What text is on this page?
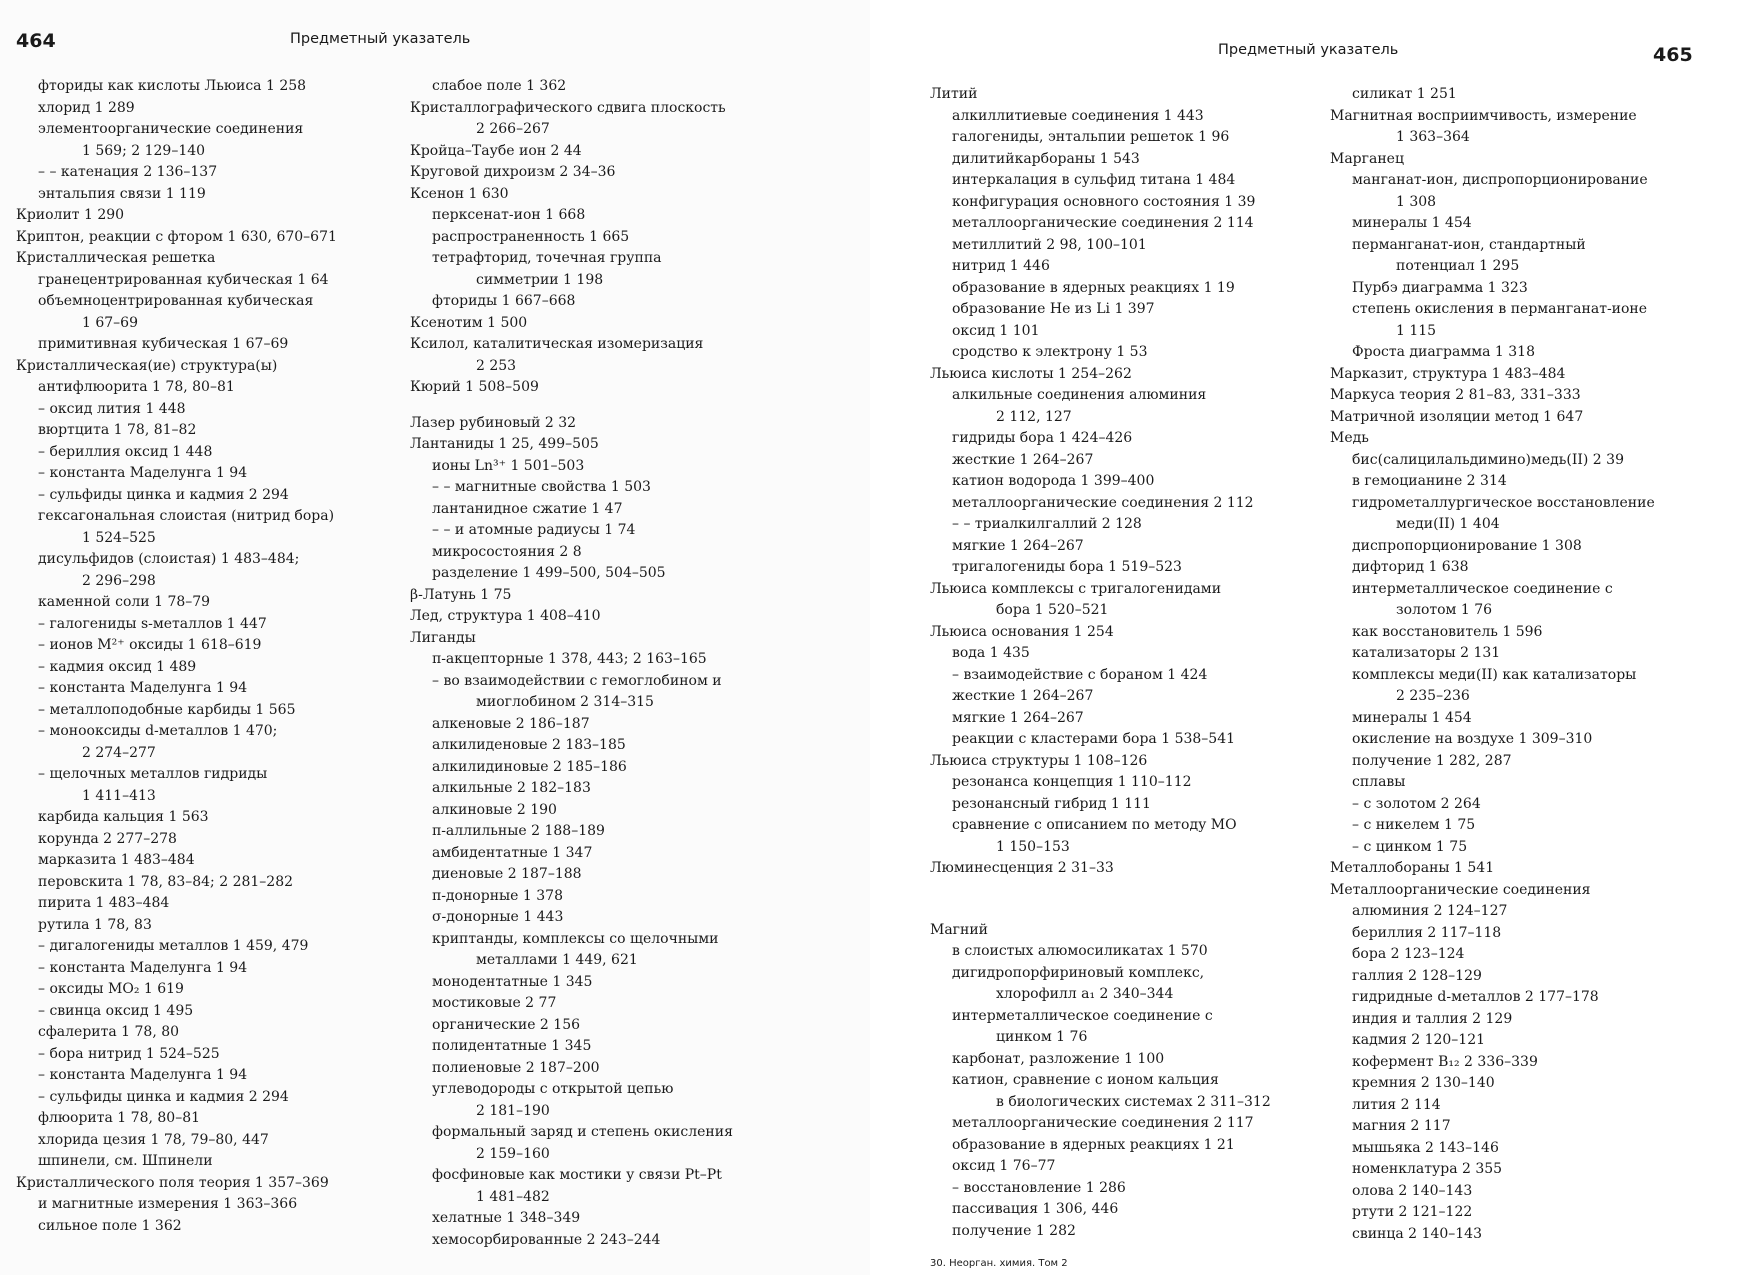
464	Предметный указатель
фториды как кислоты Льюиса 1 258
хлорид 1 289
элементоорганические соединения
1 569; 2 129–140
– – катенация 2 136–137
энтальпия связи 1 119
Криолит 1 290
Криптон, реакции с фтором 1 630, 670–671
Кристаллическая решетка
гранецентрированная кубическая 1 64
объемноцентрированная кубическая
1 67–69
примитивная кубическая 1 67–69
Кристаллическая(ие) структура(ы)
антифлюорита 1 78, 80–81
– оксид лития 1 448
вюртцита 1 78, 81–82
– бериллия оксид 1 448
– константа Маделунга 1 94
– сульфиды цинка и кадмия 2 294
гексагональная слоистая (нитрид бора)
1 524–525
дисульфидов (слоистая) 1 483–484;
2 296–298
каменной соли 1 78–79
– галогениды s-металлов 1 447
– ионов M²⁺ оксиды 1 618–619
– кадмия оксид 1 489
– константа Маделунга 1 94
– металлоподобные карбиды 1 565
– монооксиды d-металлов 1 470;
2 274–277
– щелочных металлов гидриды
1 411–413
карбида кальция 1 563
корунда 2 277–278
марказита 1 483–484
перовскита 1 78, 83–84; 2 281–282
пирита 1 483–484
рутила 1 78, 83
– дигалогениды металлов 1 459, 479
– константа Маделунга 1 94
– оксиды MO₂ 1 619
– свинца оксид 1 495
сфалерита 1 78, 80
– бора нитрид 1 524–525
– константа Маделунга 1 94
– сульфиды цинка и кадмия 2 294
флюорита 1 78, 80–81
хлорида цезия 1 78, 79–80, 447
шпинели, см. Шпинели
Кристаллического поля теория 1 357–369
и магнитные измерения 1 363–366
сильное поле 1 362
слабое поле 1 362
Кристаллографического сдвига плоскость
2 266–267
Кройца–Таубе ион 2 44
Круговой дихроизм 2 34–36
Ксенон 1 630
перксенат-ион 1 668
распространенность 1 665
тетрафторид, точечная группа
симметрии 1 198
фториды 1 667–668
Ксенотим 1 500
Ксилол, каталитическая изомеризация
2 253
Кюрий 1 508–509
Лазер рубиновый 2 32
Лантаниды 1 25, 499–505
ионы Ln³⁺ 1 501–503
– – магнитные свойства 1 503
лантанидное сжатие 1 47
– – и атомные радиусы 1 74
микросостояния 2 8
разделение 1 499–500, 504–505
β-Латунь 1 75
Лед, структура 1 408–410
Лиганды
π-акцепторные 1 378, 443; 2 163–165
– во взаимодействии с гемоглобином и
миоглобином 2 314–315
алкеновые 2 186–187
алкилиденовые 2 183–185
алкилидиновые 2 185–186
алкильные 2 182–183
алкиновые 2 190
π-аллильные 2 188–189
амбидентатные 1 347
диеновые 2 187–188
π-донорные 1 378
σ-донорные 1 443
криптанды, комплексы со щелочными
металлами 1 449, 621
монодентатные 1 345
мостиковые 2 77
органические 2 156
полидентатные 1 345
полиеновые 2 187–200
углеводороды с открытой цепью
2 181–190
формальный заряд и степень окисления
2 159–160
фосфиновые как мостики у связи Pt–Pt
1 481–482
хелатные 1 348–349
хемосорбированные 2 243–244
Предметный указатель	465
Литий
алкиллитиевые соединения 1 443
галогениды, энтальпии решеток 1 96
дилитийкарбораны 1 543
интеркалация в сульфид титана 1 484
конфигурация основного состояния 1 39
металлоорганические соединения 2 114
метиллитий 2 98, 100–101
нитрид 1 446
образование в ядерных реакциях 1 19
образование He из Li 1 397
оксид 1 101
сродство к электрону 1 53
Льюиса кислоты 1 254–262
алкильные соединения алюминия
2 112, 127
гидриды бора 1 424–426
жесткие 1 264–267
катион водорода 1 399–400
металлоорганические соединения 2 112
– – триалкилгаллий 2 128
мягкие 1 264–267
тригалогениды бора 1 519–523
Льюиса комплексы с тригалогенидами
бора 1 520–521
Льюиса основания 1 254
вода 1 435
– взаимодействие с бораном 1 424
жесткие 1 264–267
мягкие 1 264–267
реакции с кластерами бора 1 538–541
Льюиса структуры 1 108–126
резонанса концепция 1 110–112
резонансный гибрид 1 111
сравнение с описанием по методу МО
1 150–153
Люминесценция 2 31–33
Магний
в слоистых алюмосиликатах 1 570
дигидропорфириновый комплекс,
хлорофилл a₁ 2 340–344
интерметаллическое соединение с
цинком 1 76
карбонат, разложение 1 100
катион, сравнение с ионом кальция
в биологических системах 2 311–312
металлоорганические соединения 2 117
образование в ядерных реакциях 1 21
оксид 1 76–77
– восстановление 1 286
пассивация 1 306, 446
получение 1 282
силикат 1 251
Магнитная восприимчивость, измерение
1 363–364
Марганец
манганат-ион, диспропорционирование
1 308
минералы 1 454
перманганат-ион, стандартный
потенциал 1 295
Пурбэ диаграмма 1 323
степень окисления в перманганат-ионе
1 115
Фроста диаграмма 1 318
Марказит, структура 1 483–484
Маркуса теория 2 81–83, 331–333
Матричной изоляции метод 1 647
Медь
бис(салицилальдимино)медь(II) 2 39
в гемоцианине 2 314
гидрометаллургическое восстановление
меди(II) 1 404
диспропорционирование 1 308
дифторид 1 638
интерметаллическое соединение с
золотом 1 76
как восстановитель 1 596
катализаторы 2 131
комплексы меди(II) как катализаторы
2 235–236
минералы 1 454
окисление на воздухе 1 309–310
получение 1 282, 287
сплавы
– с золотом 2 264
– с никелем 1 75
– с цинком 1 75
Металлобораны 1 541
Металлоорганические соединения
алюминия 2 124–127
бериллия 2 117–118
бора 2 123–124
галлия 2 128–129
гидридные d-металлов 2 177–178
индия и таллия 2 129
кадмия 2 120–121
кофермент B₁₂ 2 336–339
кремния 2 130–140
лития 2 114
магния 2 117
мышьяка 2 143–146
номенклатура 2 355
олова 2 140–143
ртути 2 121–122
свинца 2 140–143
30. Неорган. химия. Том 2
